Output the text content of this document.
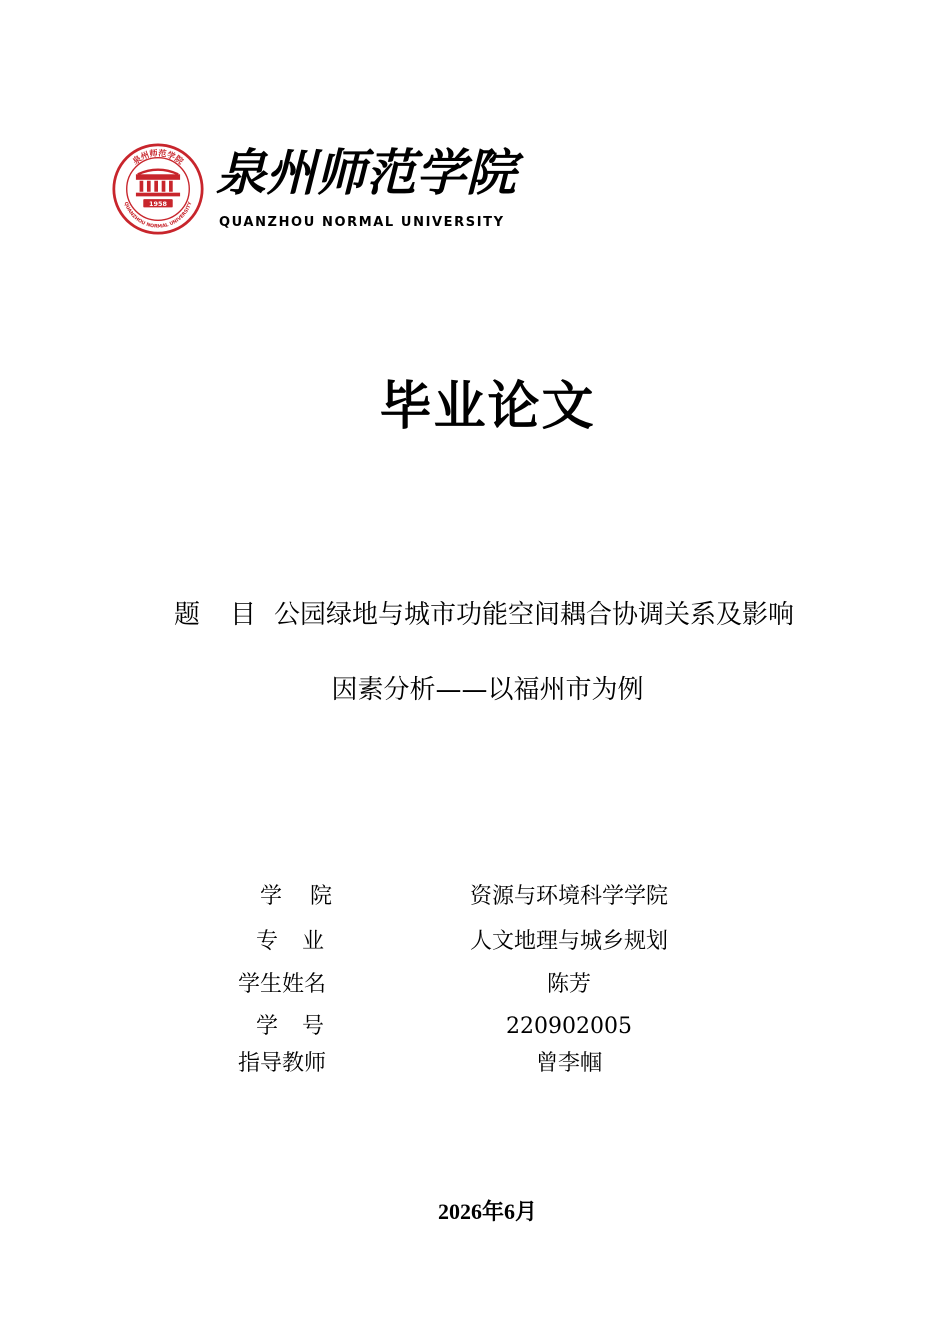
泉州师范学院
QUANZHOU NORMAL UNIVERSITY
1958
泉州师范学院
QUANZHOU NORMAL UNIVERSITY
毕业论文
题目公园绿地与城市功能空间耦合协调关系及影响
因素分析——以福州市为例
学院	资源与环境科学学院
专业	人文地理与城乡规划
学生姓名	陈芳
学号	220902005
指导教师	曾李帼
2026年6月
